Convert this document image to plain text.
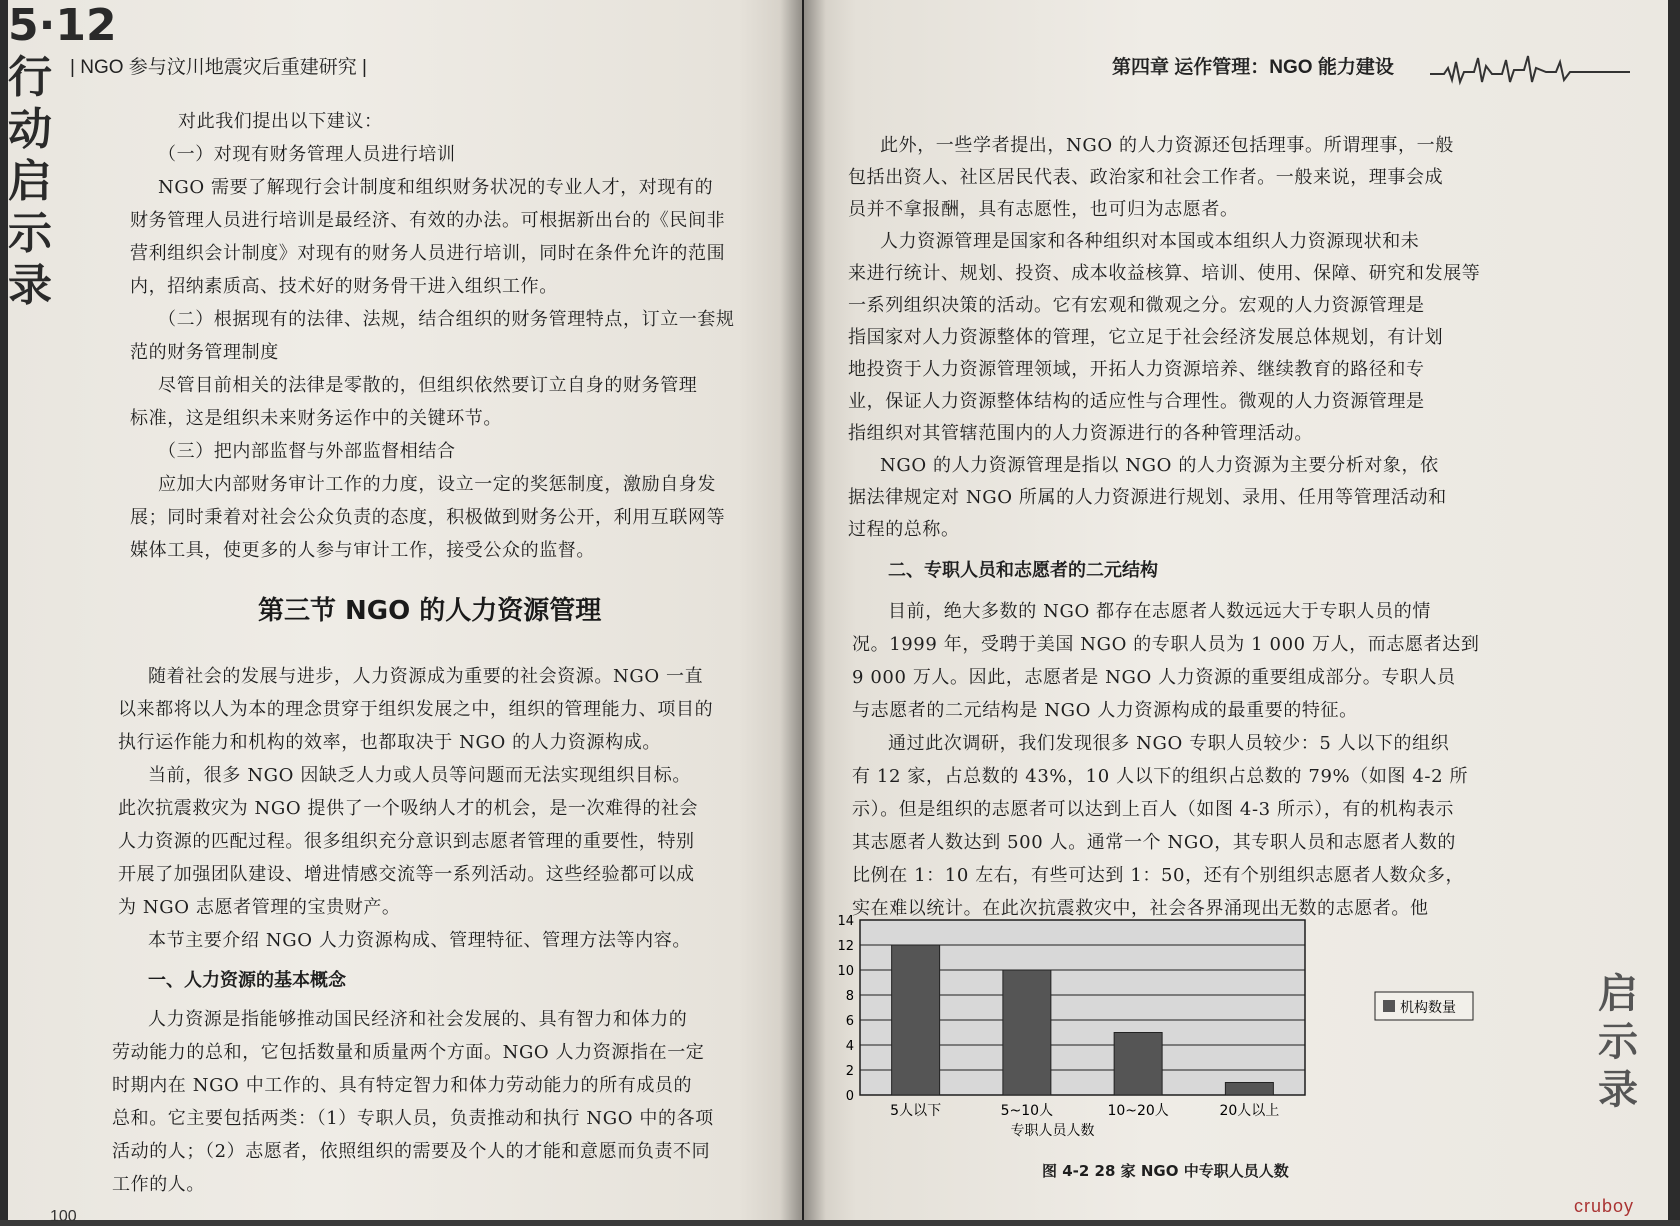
5·12
行动
启示录
| NGO 参与汶川地震灾后重建研究 |
对此我们提出以下建议：
（一）对现有财务管理人员进行培训
NGO 需要了解现行会计制度和组织财务状况的专业人才，对现有的
财务管理人员进行培训是最经济、有效的办法。可根据新出台的《民间非
营利组织会计制度》对现有的财务人员进行培训，同时在条件允许的范围
内，招纳素质高、技术好的财务骨干进入组织工作。
（二）根据现有的法律、法规，结合组织的财务管理特点，订立一套规
范的财务管理制度
尽管目前相关的法律是零散的，但组织依然要订立自身的财务管理
标准，这是组织未来财务运作中的关键环节。
（三）把内部监督与外部监督相结合
应加大内部财务审计工作的力度，设立一定的奖惩制度，激励自身发
展；同时秉着对社会公众负责的态度，积极做到财务公开，利用互联网等
媒体工具，使更多的人参与审计工作，接受公众的监督。
第三节 NGO 的人力资源管理
随着社会的发展与进步，人力资源成为重要的社会资源。NGO 一直
以来都将以人为本的理念贯穿于组织发展之中，组织的管理能力、项目的
执行运作能力和机构的效率，也都取决于 NGO 的人力资源构成。
当前，很多 NGO 因缺乏人力或人员等问题而无法实现组织目标。
此次抗震救灾为 NGO 提供了一个吸纳人才的机会，是一次难得的社会
人力资源的匹配过程。很多组织充分意识到志愿者管理的重要性，特别
开展了加强团队建设、增进情感交流等一系列活动。这些经验都可以成
为 NGO 志愿者管理的宝贵财产。
本节主要介绍 NGO 人力资源构成、管理特征、管理方法等内容。
一、人力资源的基本概念
人力资源是指能够推动国民经济和社会发展的、具有智力和体力的
劳动能力的总和，它包括数量和质量两个方面。NGO 人力资源指在一定
时期内在 NGO 中工作的、具有特定智力和体力劳动能力的所有成员的
总和。它主要包括两类：（1）专职人员，负责推动和执行 NGO 中的各项
活动的人；（2）志愿者，依照组织的需要及个人的才能和意愿而负责不同
工作的人。
100
第四章 运作管理：NGO 能力建设
此外，一些学者提出，NGO 的人力资源还包括理事。所谓理事，一般
包括出资人、社区居民代表、政治家和社会工作者。一般来说，理事会成
员并不拿报酬，具有志愿性，也可归为志愿者。
人力资源管理是国家和各种组织对本国或本组织人力资源现状和未
来进行统计、规划、投资、成本收益核算、培训、使用、保障、研究和发展等
一系列组织决策的活动。它有宏观和微观之分。宏观的人力资源管理是
指国家对人力资源整体的管理，它立足于社会经济发展总体规划，有计划
地投资于人力资源管理领域，开拓人力资源培养、继续教育的路径和专
业，保证人力资源整体结构的适应性与合理性。微观的人力资源管理是
指组织对其管辖范围内的人力资源进行的各种管理活动。
NGO 的人力资源管理是指以 NGO 的人力资源为主要分析对象，依
据法律规定对 NGO 所属的人力资源进行规划、录用、任用等管理活动和
过程的总称。
二、专职人员和志愿者的二元结构
目前，绝大多数的 NGO 都存在志愿者人数远远大于专职人员的情
况。1999 年，受聘于美国 NGO 的专职人员为 1 000 万人，而志愿者达到
9 000 万人。因此，志愿者是 NGO 人力资源的重要组成部分。专职人员
与志愿者的二元结构是 NGO 人力资源构成的最重要的特征。
通过此次调研，我们发现很多 NGO 专职人员较少：5 人以下的组织
有 12 家，占总数的 43%，10 人以下的组织占总数的 79%（如图 4-2 所
示）。但是组织的志愿者可以达到上百人（如图 4-3 所示），有的机构表示
其志愿者人数达到 500 人。通常一个 NGO，其专职人员和志愿者人数的
比例在 1：10 左右，有些可达到 1：50，还有个别组织志愿者人数众多，
实在难以统计。在此次抗震救灾中，社会各界涌现出无数的志愿者。他
0
2
4
6
8
10
12
14
5人以下	5~10人	10~20人	20人以上
专职人员人数
机构数量
图 4-2 28 家 NGO 中专职人员人数
启
示
录
cruboy
